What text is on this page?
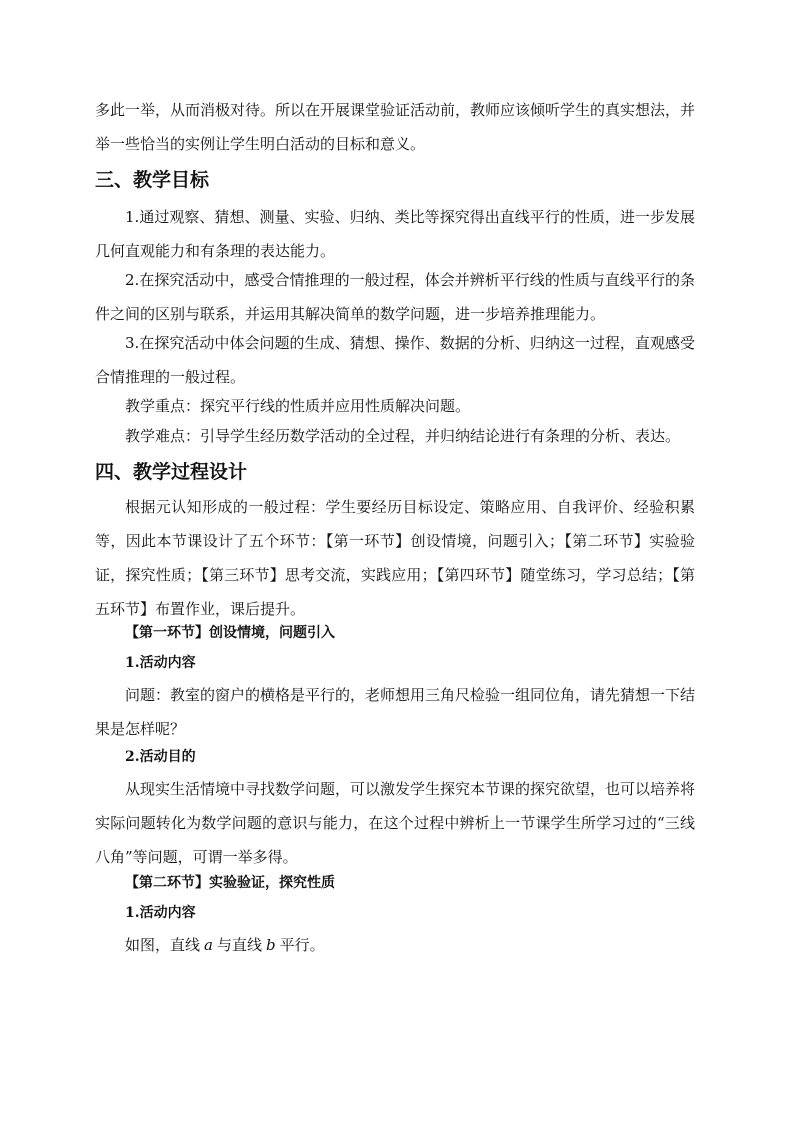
多此一举，从而消极对待。所以在开展课堂验证活动前，教师应该倾听学生的真实想法，并举一些恰当的实例让学生明白活动的目标和意义。

三、教学目标

1.通过观察、猜想、测量、实验、归纳、类比等探究得出直线平行的性质，进一步发展几何直观能力和有条理的表达能力。

2.在探究活动中，感受合情推理的一般过程，体会并辨析平行线的性质与直线平行的条件之间的区别与联系，并运用其解决简单的数学问题，进一步培养推理能力。

3.在探究活动中体会问题的生成、猜想、操作、数据的分析、归纳这一过程，直观感受合情推理的一般过程。

教学重点：探究平行线的性质并应用性质解决问题。

教学难点：引导学生经历数学活动的全过程，并归纳结论进行有条理的分析、表达。

四、教学过程设计

根据元认知形成的一般过程：学生要经历目标设定、策略应用、自我评价、经验积累等，因此本节课设计了五个环节：【第一环节】创设情境，问题引入；【第二环节】实验验证，探究性质；【第三环节】思考交流，实践应用；【第四环节】随堂练习，学习总结；【第五环节】布置作业，课后提升。

【第一环节】创设情境，问题引入

1.活动内容

问题：教室的窗户的横格是平行的，老师想用三角尺检验一组同位角，请先猜想一下结果是怎样呢？

2.活动目的

从现实生活情境中寻找数学问题，可以激发学生探究本节课的探究欲望，也可以培养将实际问题转化为数学问题的意识与能力，在这个过程中辨析上一节课学生所学习过的“三线八角”等问题，可谓一举多得。

【第二环节】实验验证，探究性质

1.活动内容

如图，直线 a 与直线 b 平行。
